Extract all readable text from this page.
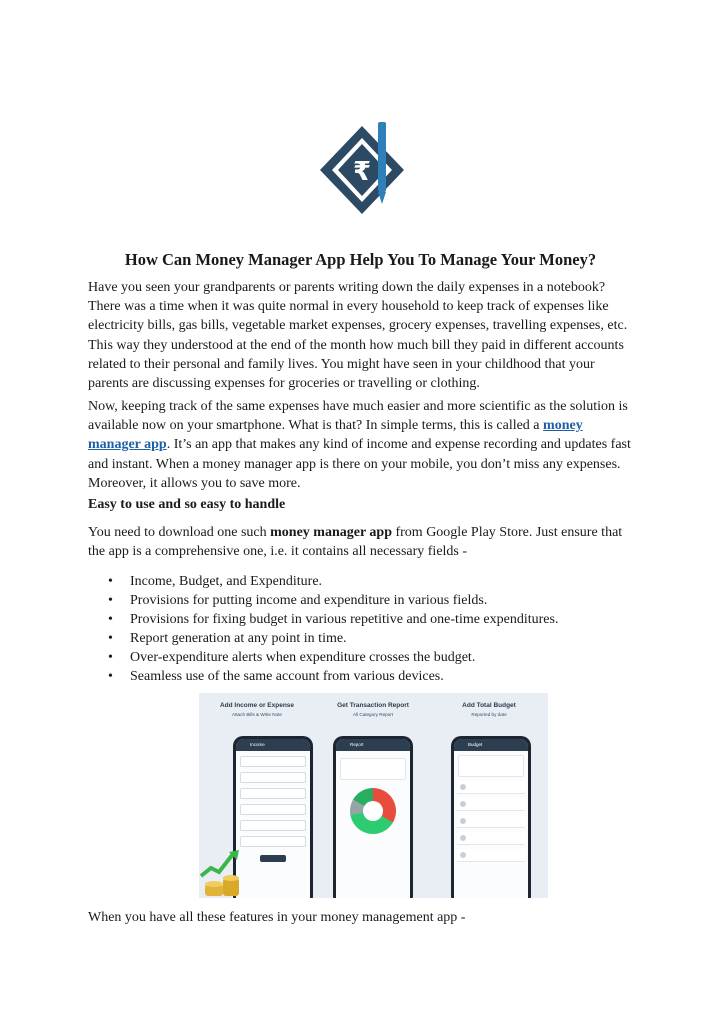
₹
How Can Money Manager App Help You To Manage Your Money?

Have you seen your grandparents or parents writing down the daily expenses in a notebook? There was a time when it was quite normal in every household to keep track of expenses like electricity bills, gas bills, vegetable market expenses, grocery expenses, travelling expenses, etc. This way they understood at the end of the month how much bill they paid in different accounts related to their personal and family lives. You might have seen in your childhood that your parents are discussing expenses for groceries or travelling or clothing.

Now, keeping track of the same expenses have much easier and more scientific as the solution is available now on your smartphone. What is that? In simple terms, this is called a money manager app. It’s an app that makes any kind of income and expense recording and updates fast and instant. When a money manager app is there on your mobile, you don’t miss any expenses. Moreover, it allows you to save more.

Easy to use and so easy to handle

You need to download one such money manager app from Google Play Store. Just ensure that the app is a comprehensive one, i.e. it contains all necessary fields -

• Income, Budget, and Expenditure.
• Provisions for putting income and expenditure in various fields.
• Provisions for fixing budget in various repetitive and one-time expenditures.
• Report generation at any point in time.
• Over-expenditure alerts when expenditure crosses the budget.
• Seamless use of the same account from various devices.
Add Income or Expense
Attach Bills & Write Note
Income
Get Transaction Report
All Category Report
Report
Add Total Budget
Reported by date
Budget
When you have all these features in your money management app -
